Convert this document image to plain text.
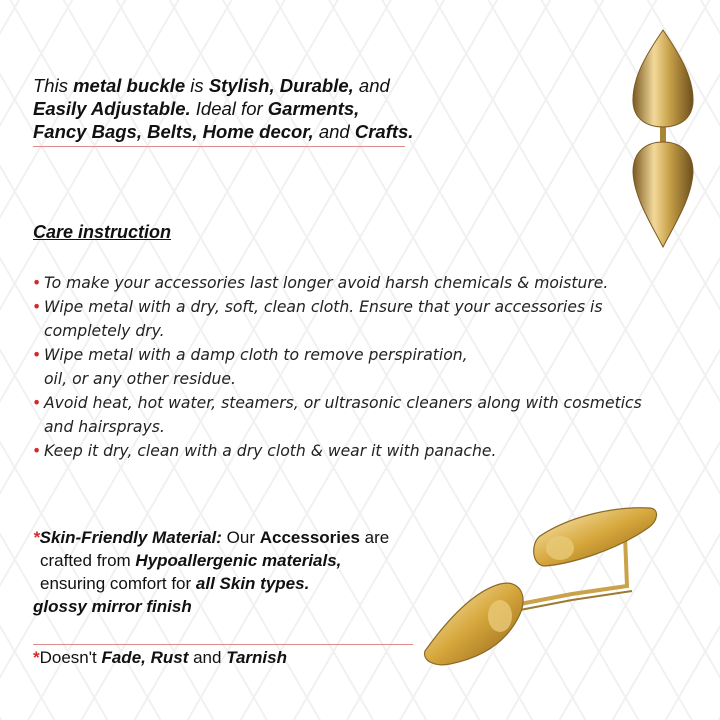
This metal buckle is Stylish, Durable, and
Easily Adjustable. Ideal for Garments,
Fancy Bags, Belts, Home decor, and Crafts.
Care instruction
• To make your accessories last longer avoid harsh chemicals & moisture.
• Wipe metal with a dry, soft, clean cloth. Ensure that your accessories is
completely dry.
• Wipe metal with a damp cloth to remove perspiration,
oil, or any other residue.
• Avoid heat, hot water, steamers, or ultrasonic cleaners along with cosmetics
and hairsprays.
• Keep it dry, clean with a dry cloth & wear it with panache.
*Skin-Friendly Material: Our Accessories are
crafted from Hypoallergenic materials,
ensuring comfort for all Skin types.
glossy mirror finish
*Doesn't Fade, Rust and Tarnish
